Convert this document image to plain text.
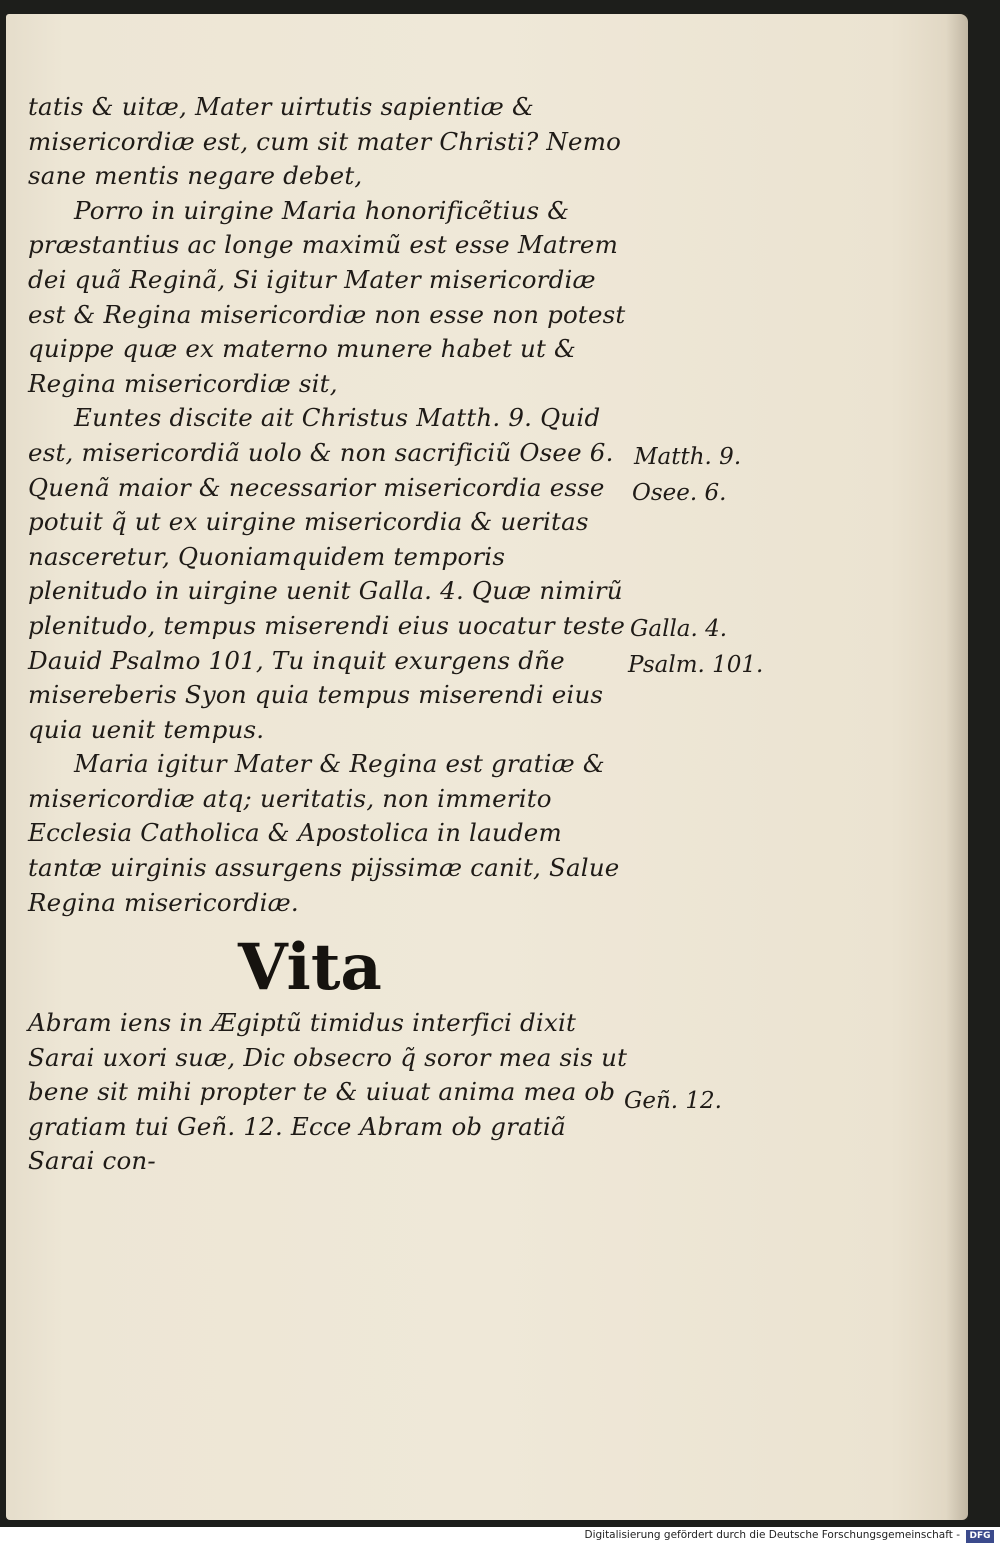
tatis & uitæ, Mater uirtutis sapientiæ & misericordiæ est, cum sit mater Christi? Nemo sane mentis negare debet,

Porro in uirgine Maria honorificẽtius & præstantius ac longe maximũ est esse Matrem dei quã Reginã, Si igitur Mater misericordiæ est & Regina misericordiæ non esse non potest quippe quæ ex materno munere habet ut & Regina misericordiæ sit,

Euntes discite ait Christus Matth. 9. Quid est, misericordiã uolo & non sacrificiũ Osee 6. Quenã maior & necessarior misericordia esse potuit q̃ ut ex uirgine misericordia & ueritas nasceretur, Quoniamquidem temporis plenitudo in uirgine uenit Galla. 4. Quæ nimirũ plenitudo, tempus miserendi eius uocatur teste Dauid Psalmo 101, Tu inquit exurgens dñe misereberis Syon quia tempus miserendi eius quia uenit tempus.

Maria igitur Mater & Regina est gratiæ & misericordiæ atq; ueritatis, non immerito Ecclesia Catholica & Apostolica in laudem tantæ uirginis assurgens pijssimæ canit, Salue Regina misericordiæ.

Vita
Abram iens in Ægiptũ timidus interfici dixit Sarai uxori suæ, Dic obsecro q̃ soror mea sis ut bene sit mihi propter te & uiuat anima mea ob gratiam tui Geñ. 12. Ecce Abram ob gratiã Sarai con-
Matth. 9.
Osee. 6.
Galla. 4.
Psalm. 101.
Geñ. 12.
Digitalisierung gefördert durch die Deutsche Forschungsgemeinschaft -	DFG
